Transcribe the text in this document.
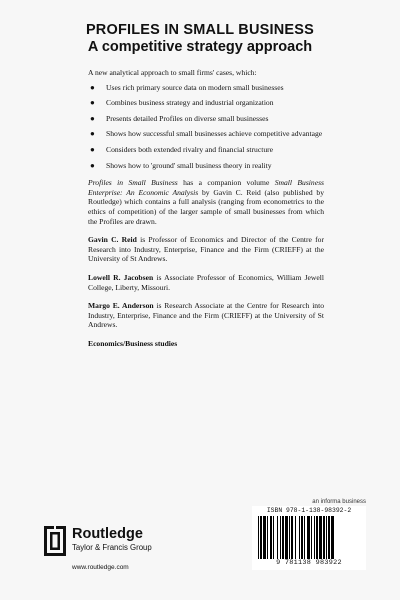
PROFILES IN SMALL BUSINESS
A competitive strategy approach

A new analytical approach to small firms' cases, which:

● Uses rich primary source data on modern small businesses
● Combines business strategy and industrial organization
● Presents detailed Profiles on diverse small businesses
● Shows how successful small businesses achieve competitive advantage
● Considers both extended rivalry and financial structure
● Shows how to 'ground' small business theory in reality

Profiles in Small Business has a companion volume Small Business Enterprise: An Economic Analysis by Gavin C. Reid (also published by Routledge) which contains a full analysis (ranging from econometrics to the ethics of competition) of the larger sample of small businesses from which the Profiles are drawn.

Gavin C. Reid is Professor of Economics and Director of the Centre for Research into Industry, Enterprise, Finance and the Firm (CRIEFF) at the University of St Andrews.

Lowell R. Jacobsen is Associate Professor of Economics, William Jewell College, Liberty, Missouri.

Margo E. Anderson is Research Associate at the Centre for Research into Industry, Enterprise, Finance and the Firm (CRIEFF) at the University of St Andrews.

Economics/Business studies

Routledge
Taylor & Francis Group
www.routledge.com
an informa business
ISBN 978-1-138-98392-2
9 781138 983922
